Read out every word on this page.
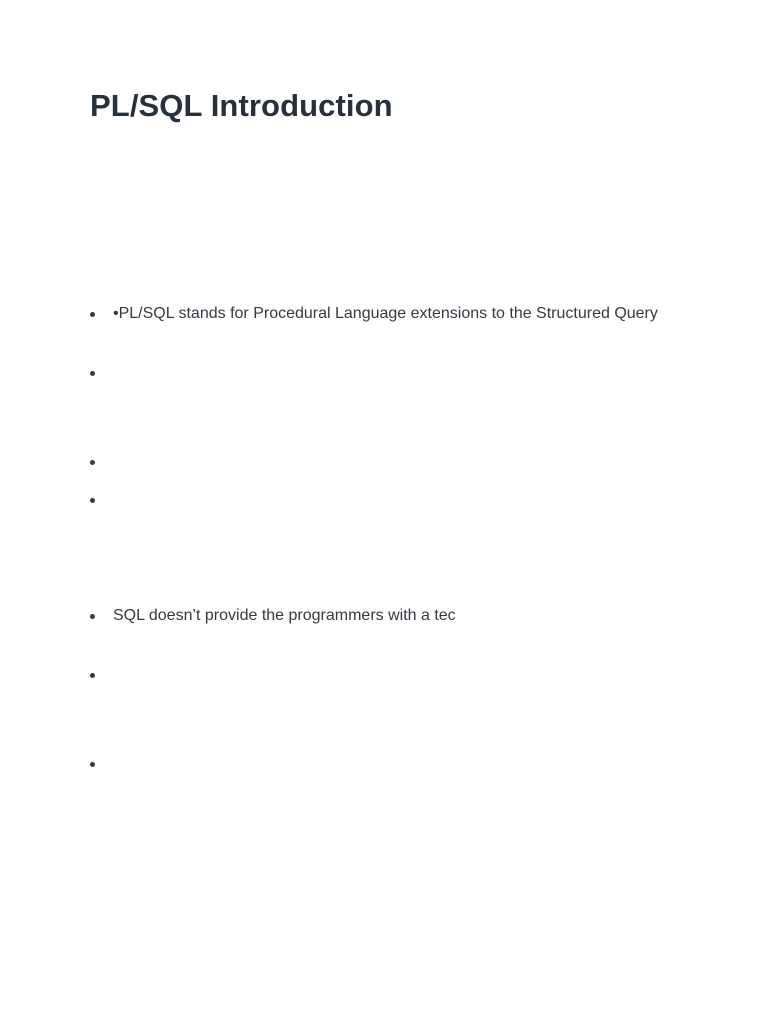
PL/SQL Introduction
•PL/SQL stands for Procedural Language extensions to the Structured Query
SQL doesn’t provide the programmers with a tec
